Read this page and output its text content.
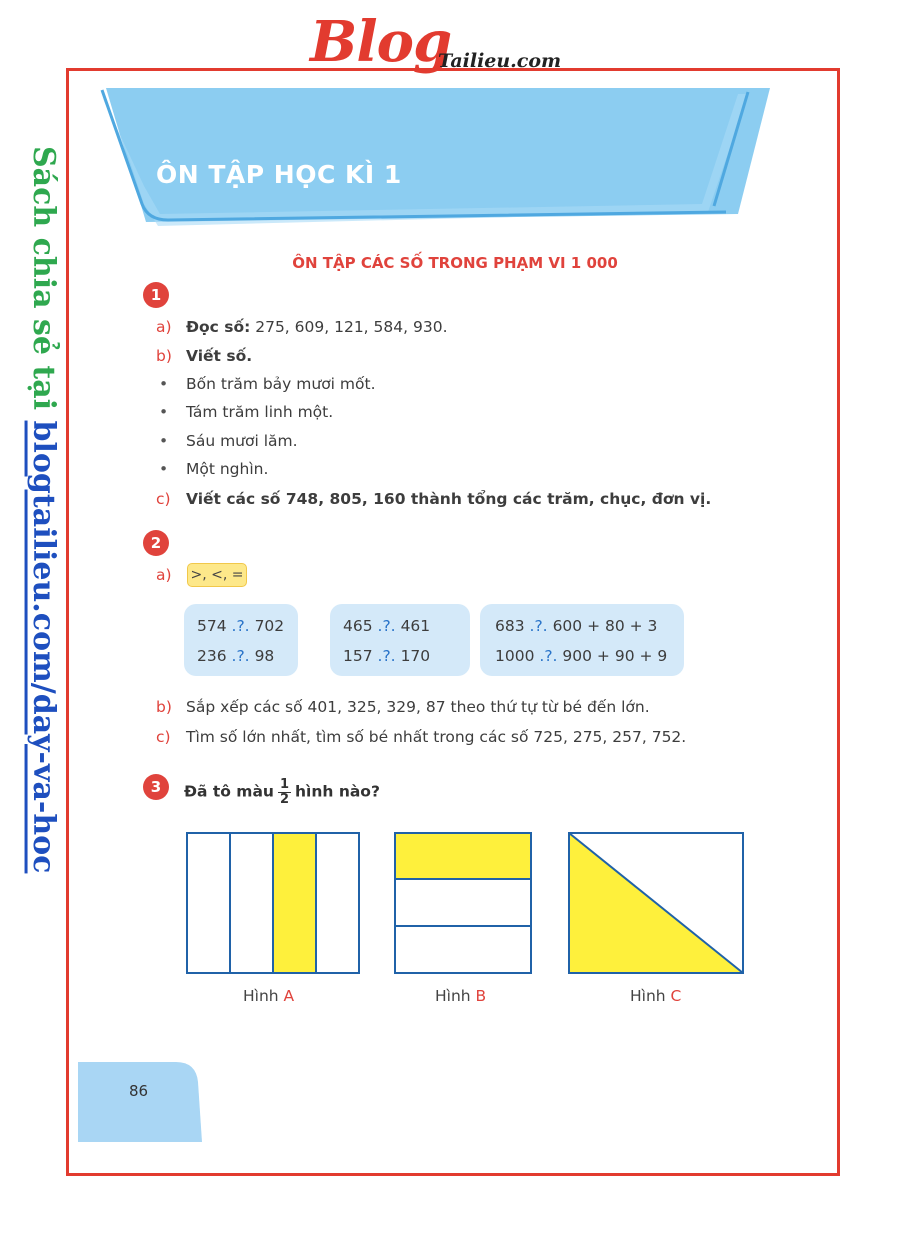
Blog
Tailieu.com
Sách chia sẻ tại blogtailieu.com/day-va-hoc
ÔN TẬP HỌC KÌ 1
ÔN TẬP CÁC SỐ TRONG PHẠM VI 1 000
1
a) Đọc số: 275, 609, 121, 584, 930.
b) Viết số.
• Bốn trăm bảy mươi mốt.
• Tám trăm linh một.
• Sáu mươi lăm.
• Một nghìn.
c) Viết các số 748, 805, 160 thành tổng các trăm, chục, đơn vị.
2
a)	>, <, =
574 .?. 702
236 .?. 98
465 .?. 461
157 .?. 170
683 .?. 600 + 80 + 3
1000 .?. 900 + 90 + 9
b) Sắp xếp các số 401, 325, 329, 87 theo thứ tự từ bé đến lớn.
c) Tìm số lớn nhất, tìm số bé nhất trong các số 725, 275, 257, 752.
3	Đã tô màu $\frac{1}{2}$ hình nào?
Hình A	Hình B	Hình C
86
